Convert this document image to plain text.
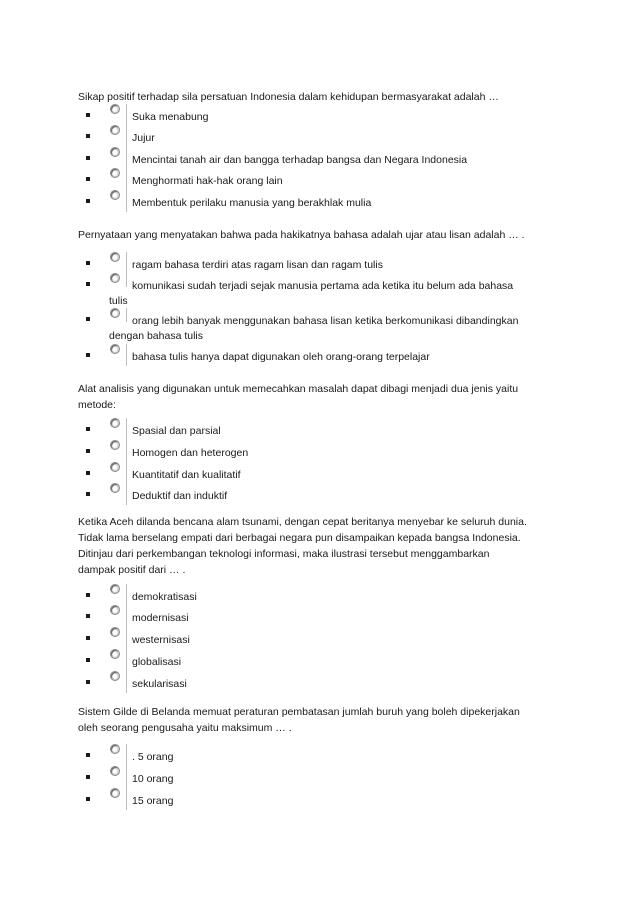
Sikap positif terhadap sila persatuan Indonesia dalam kehidupan bermasyarakat adalah …
Suka menabung
Jujur
Mencintai tanah air dan bangga terhadap bangsa dan Negara Indonesia
Menghormati hak-hak orang lain
Membentuk perilaku manusia yang berakhlak mulia
Pernyataan yang menyatakan bahwa pada hakikatnya bahasa adalah ujar atau lisan adalah … .
ragam bahasa terdiri atas ragam lisan dan ragam tulis
komunikasi sudah terjadi sejak manusia pertama ada ketika itu belum ada bahasa
tulis
orang lebih banyak menggunakan bahasa lisan ketika berkomunikasi dibandingkan
dengan bahasa tulis
bahasa tulis hanya dapat digunakan oleh orang-orang terpelajar
Alat analisis yang digunakan untuk memecahkan masalah dapat dibagi menjadi dua jenis yaitu
metode:
Spasial dan parsial
Homogen dan heterogen
Kuantitatif dan kualitatif
Deduktif dan induktif
Ketika Aceh dilanda bencana alam tsunami, dengan cepat beritanya menyebar ke seluruh dunia.
Tidak lama berselang empati dari berbagai negara pun disampaikan kepada bangsa Indonesia.
Ditinjau dari perkembangan teknologi informasi, maka ilustrasi tersebut menggambarkan
dampak positif dari … .
demokratisasi
modernisasi
westernisasi
globalisasi
sekularisasi
Sistem Gilde di Belanda memuat peraturan pembatasan jumlah buruh yang boleh dipekerjakan
oleh seorang pengusaha yaitu maksimum … .
. 5 orang
10 orang
15 orang
